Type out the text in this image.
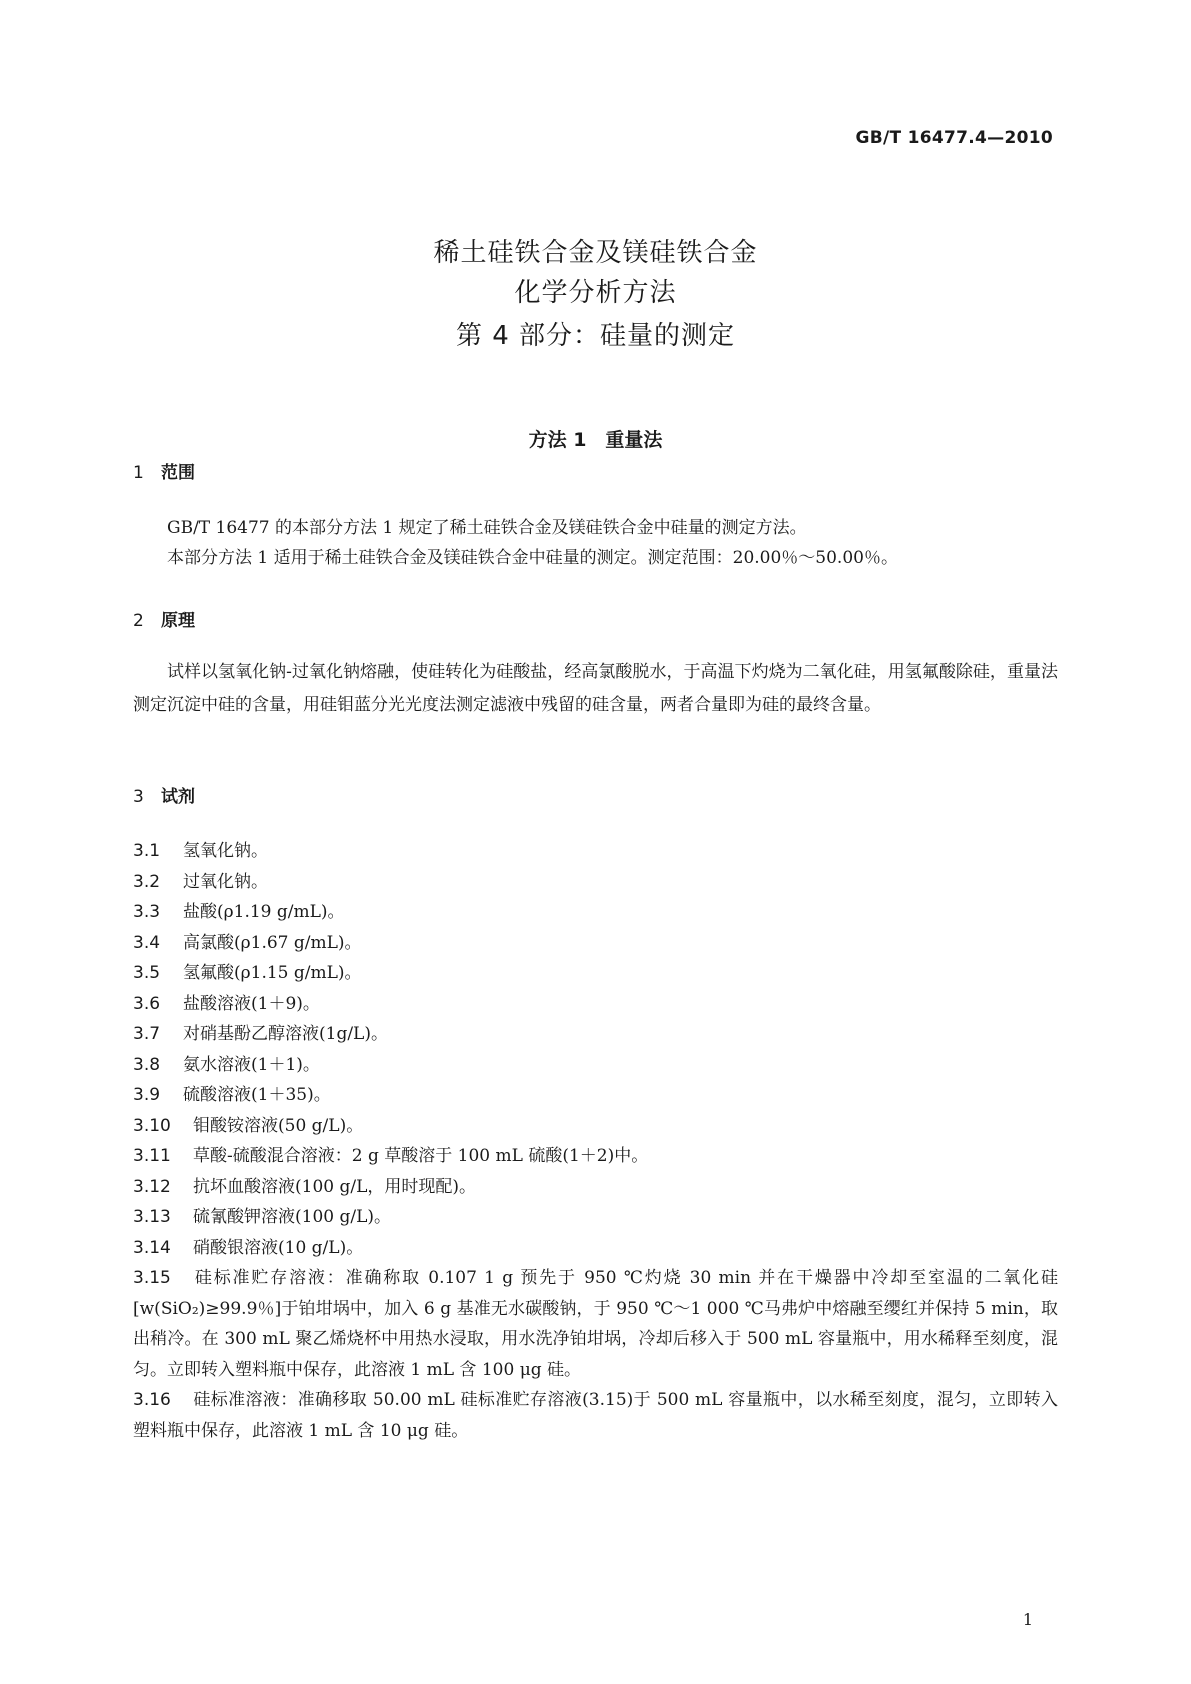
GB/T 16477.4—2010
稀土硅铁合金及镁硅铁合金
化学分析方法
第 4 部分：硅量的测定
方法 1　重量法
1 范围
GB/T 16477 的本部分方法 1 规定了稀土硅铁合金及镁硅铁合金中硅量的测定方法。
本部分方法 1 适用于稀土硅铁合金及镁硅铁合金中硅量的测定。测定范围：20.00％～50.00％。
2 原理
试样以氢氧化钠-过氧化钠熔融，使硅转化为硅酸盐，经高氯酸脱水，于高温下灼烧为二氧化硅，用氢氟酸除硅，重量法测定沉淀中硅的含量，用硅钼蓝分光光度法测定滤液中残留的硅含量，两者合量即为硅的最终含量。
3 试剂
3.1 氢氧化钠。
3.2 过氧化钠。
3.3 盐酸(ρ1.19 g/mL)。
3.4 高氯酸(ρ1.67 g/mL)。
3.5 氢氟酸(ρ1.15 g/mL)。
3.6 盐酸溶液(1＋9)。
3.7 对硝基酚乙醇溶液(1g/L)。
3.8 氨水溶液(1＋1)。
3.9 硫酸溶液(1＋35)。
3.10 钼酸铵溶液(50 g/L)。
3.11 草酸-硫酸混合溶液：2 g 草酸溶于 100 mL 硫酸(1＋2)中。
3.12 抗坏血酸溶液(100 g/L，用时现配)。
3.13 硫氰酸钾溶液(100 g/L)。
3.14 硝酸银溶液(10 g/L)。
3.15 硅标准贮存溶液：准确称取 0.107 1 g 预先于 950 ℃灼烧 30 min 并在干燥器中冷却至室温的二氧化硅[w(SiO₂)≥99.9％]于铂坩埚中，加入 6 g 基准无水碳酸钠，于 950 ℃～1 000 ℃马弗炉中熔融至缨红并保持 5 min，取出稍冷。在 300 mL 聚乙烯烧杯中用热水浸取，用水洗净铂坩埚，冷却后移入于 500 mL 容量瓶中，用水稀释至刻度，混匀。立即转入塑料瓶中保存，此溶液 1 mL 含 100 μg 硅。
3.16 硅标准溶液：准确移取 50.00 mL 硅标准贮存溶液(3.15)于 500 mL 容量瓶中，以水稀至刻度，混匀，立即转入塑料瓶中保存，此溶液 1 mL 含 10 μg 硅。
1
